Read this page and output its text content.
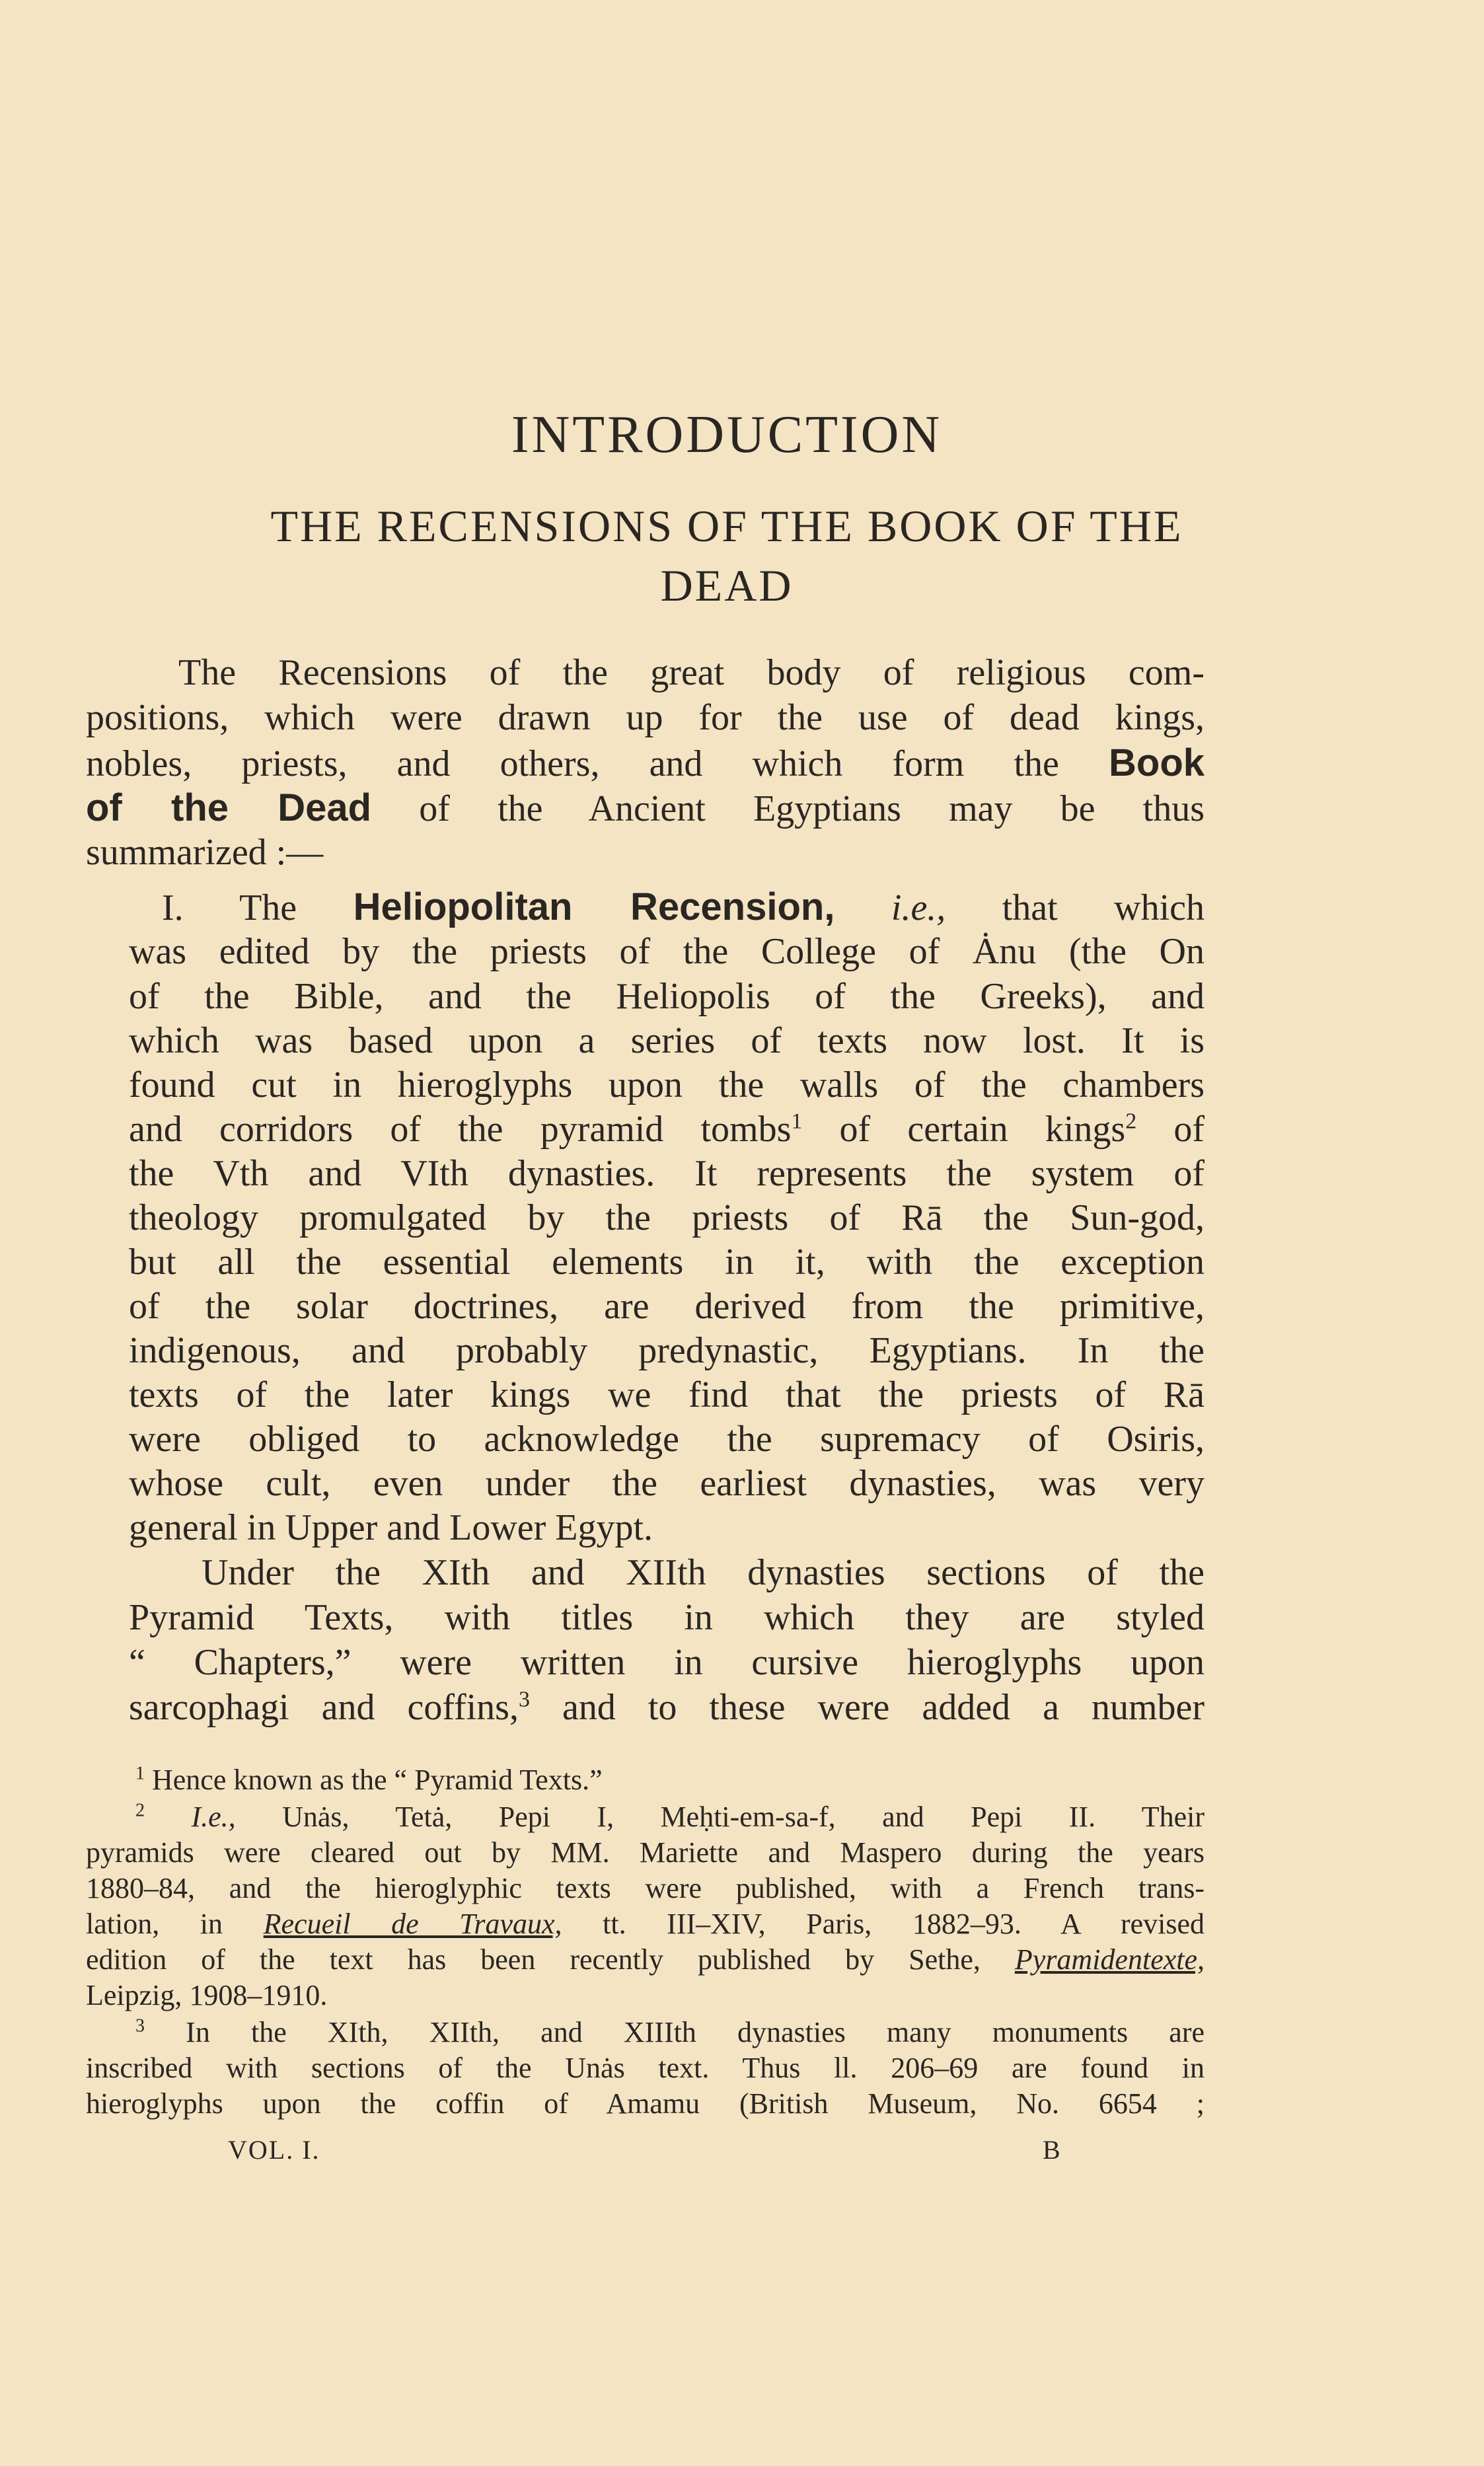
INTRODUCTION
THE RECENSIONS OF THE BOOK OF THE
DEAD
The Recensions of the great body of religious com-
positions, which were drawn up for the use of dead kings,
nobles, priests, and others, and which form the Book
of the Dead of the Ancient Egyptians may be thus
summarized :—
I. The Heliopolitan Recension, i.e., that which
was edited by the priests of the College of Ȧnu (the On
of the Bible, and the Heliopolis of the Greeks), and
which was based upon a series of texts now lost. It is
found cut in hieroglyphs upon the walls of the chambers
and corridors of the pyramid tombs$^1$ of certain kings$^2$ of
the Vth and VIth dynasties. It represents the system of
theology promulgated by the priests of Rā the Sun-god,
but all the essential elements in it, with the exception
of the solar doctrines, are derived from the primitive,
indigenous, and probably predynastic, Egyptians. In the
texts of the later kings we find that the priests of Rā
were obliged to acknowledge the supremacy of Osiris,
whose cult, even under the earliest dynasties, was very
general in Upper and Lower Egypt.
Under the XIth and XIIth dynasties sections of the
Pyramid Texts, with titles in which they are styled
“ Chapters,” were written in cursive hieroglyphs upon
sarcophagi and coffins,$^3$ and to these were added a number
$^1$ Hence known as the “ Pyramid Texts.”
$^2$ I.e., Unȧs, Tetȧ, Pepi I, Meḥti-em-sa-f, and Pepi II. Their
pyramids were cleared out by MM. Mariette and Maspero during the years
1880–84, and the hieroglyphic texts were published, with a French trans-
lation, in Recueil de Travaux, tt. III–XIV, Paris, 1882–93. A revised
edition of the text has been recently published by Sethe, Pyramidentexte,
Leipzig, 1908–1910.
$^3$ In the XIth, XIIth, and XIIIth dynasties many monuments are
inscribed with sections of the Unȧs text. Thus ll. 206–69 are found in
hieroglyphs upon the coffin of Amamu (British Museum, No. 6654 ;
VOL. I.	B
